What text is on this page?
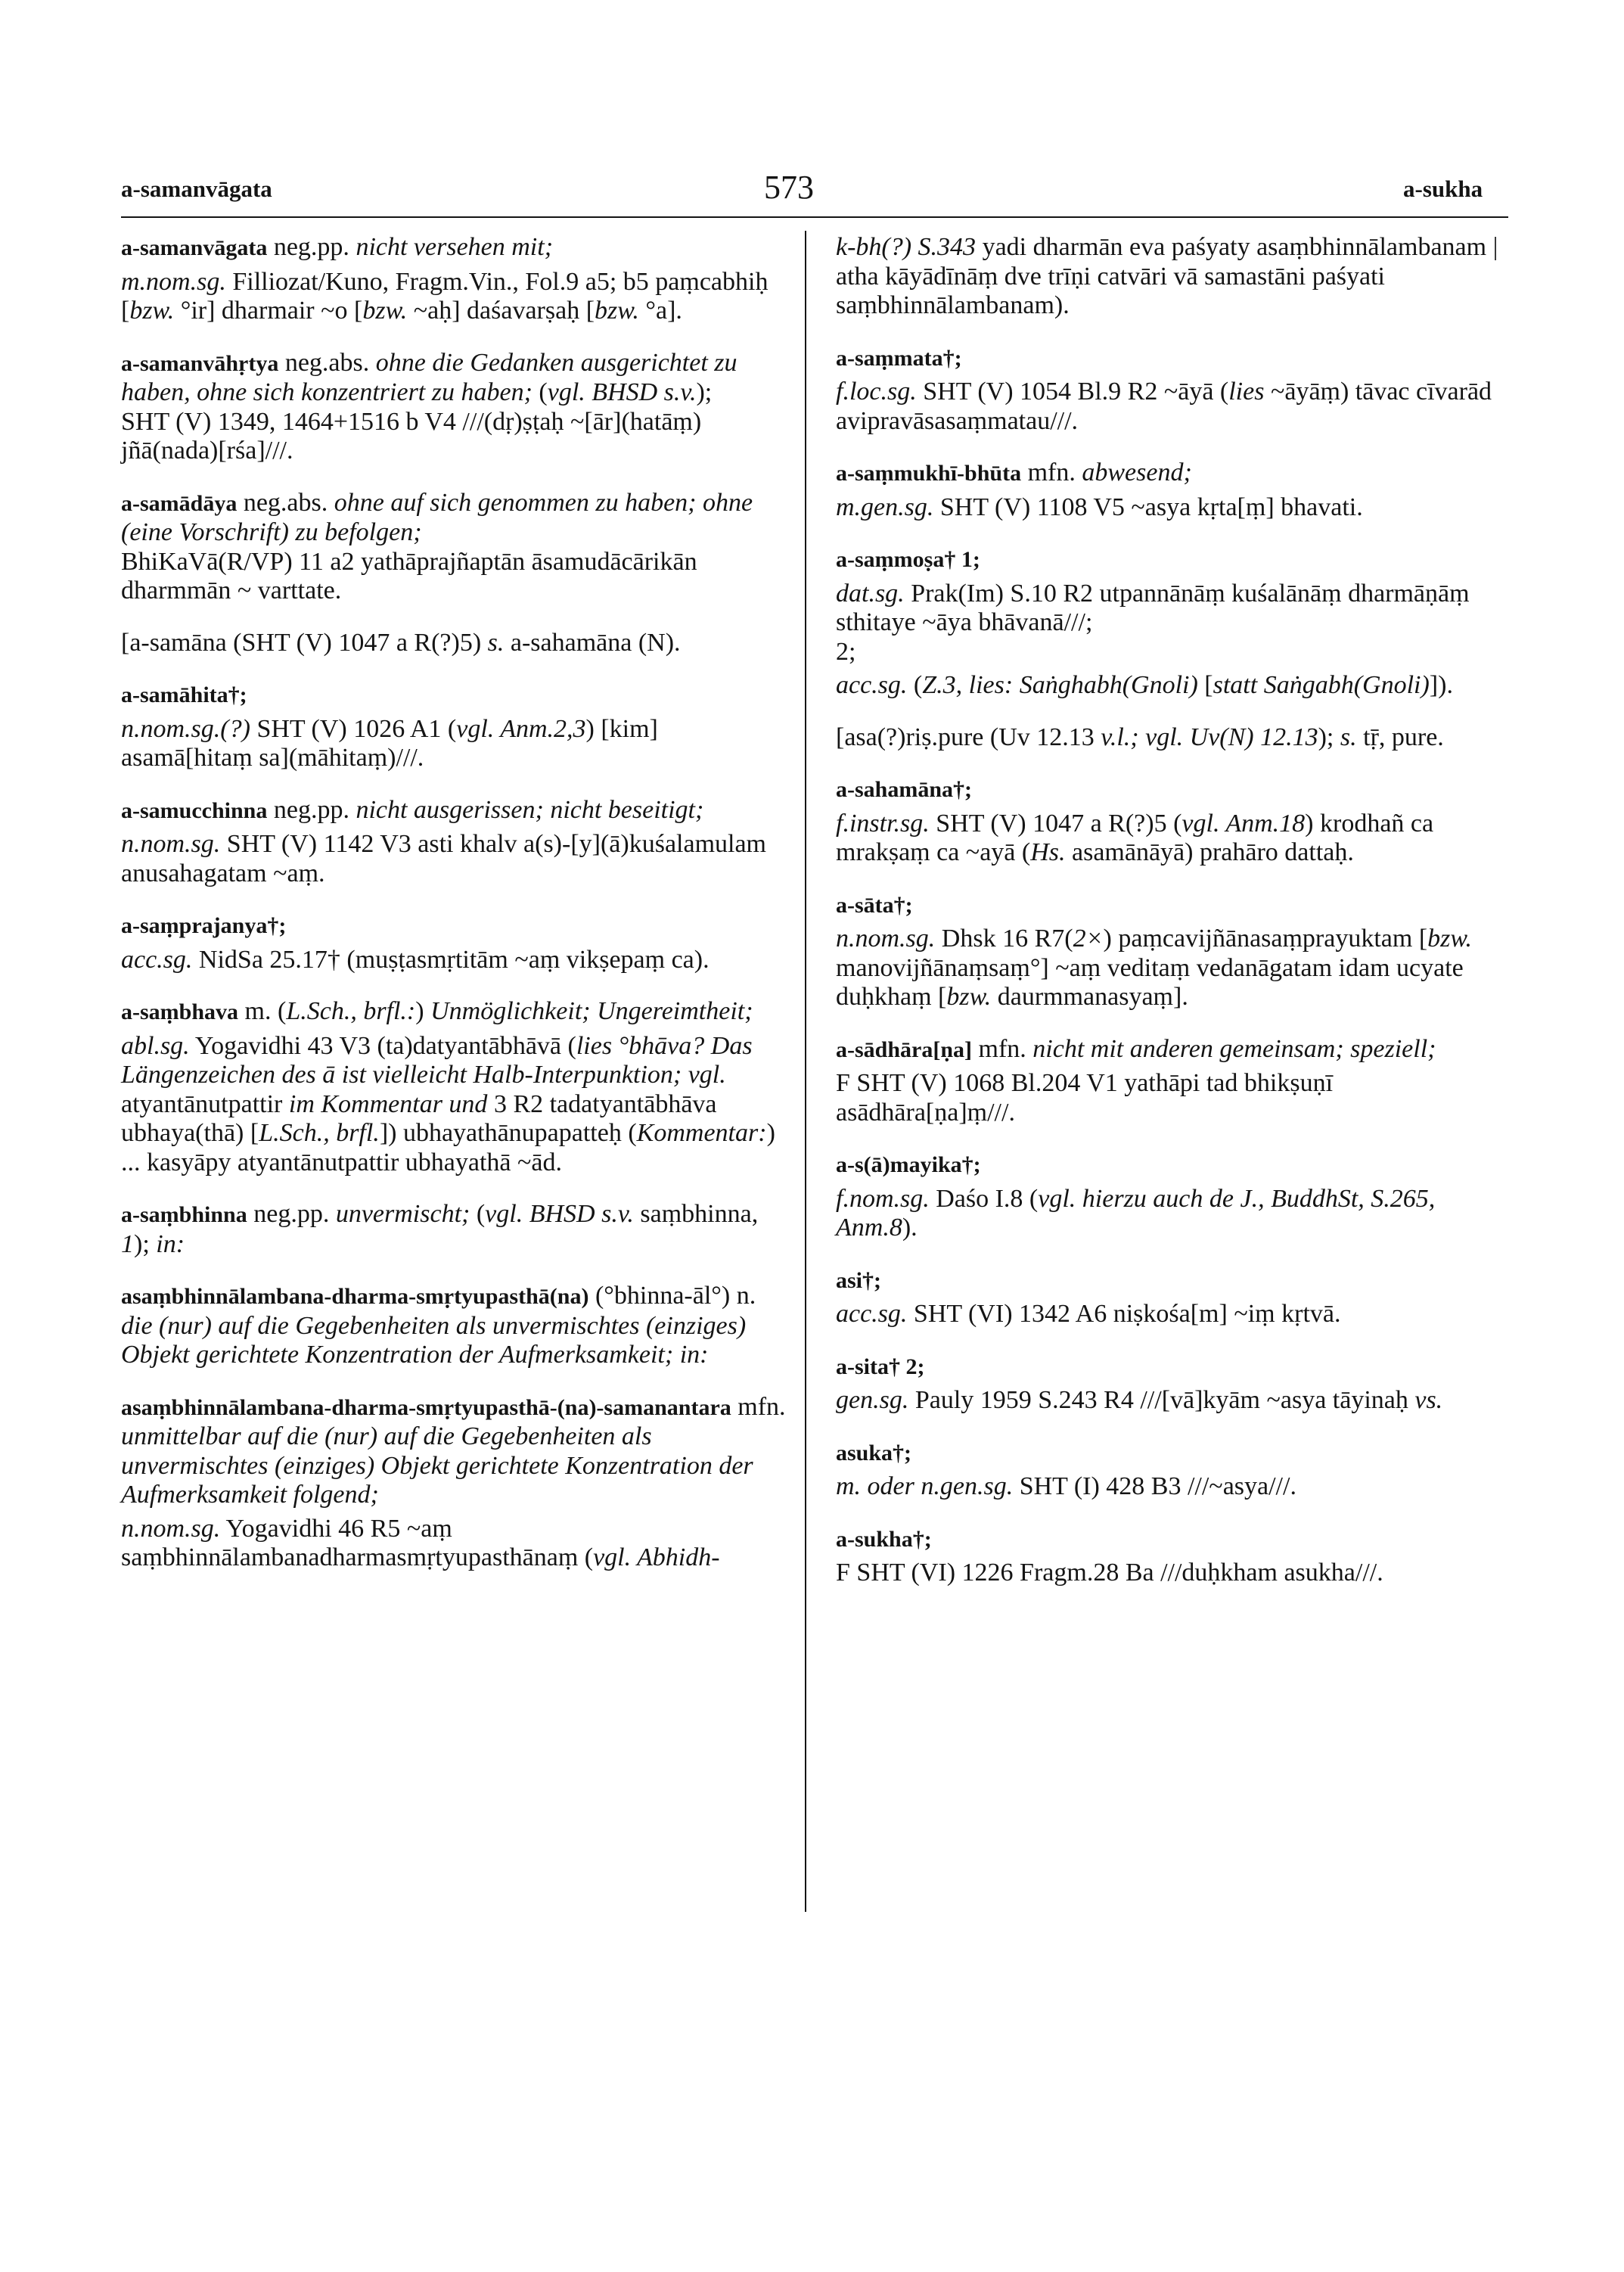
a-samanvāgata	573	a-sukha

a-samanvāgata neg.pp. nicht versehen mit;

m.nom.sg. Filliozat/Kuno, Fragm.Vin., Fol.9 a5; b5 paṃcabhiḥ [bzw. °ir] dharmair ~o [bzw. ~aḥ] daśavarṣaḥ [bzw. °a].

a-samanvāhṛtya neg.abs. ohne die Gedanken ausgerichtet zu haben, ohne sich konzentriert zu haben; (vgl. BHSD s.v.);

SHT (V) 1349, 1464+1516 b V4 ///(dṛ)ṣṭaḥ ~[ār](hatāṃ) jñā(nada)[rśa]///.

a-samādāya neg.abs. ohne auf sich genommen zu haben; ohne (eine Vorschrift) zu befolgen;

BhiKaVā(R/VP) 11 a2 yathāprajñaptān āsamudācārikān dharmmān ~ varttate.

[a-samāna (SHT (V) 1047 a R(?)5) s. a-sahamāna (N).

a-samāhita†;

n.nom.sg.(?) SHT (V) 1026 A1 (vgl. Anm.2,3) [kim] asamā[hitaṃ sa](māhitaṃ)///.

a-samucchinna neg.pp. nicht ausgerissen; nicht beseitigt;

n.nom.sg. SHT (V) 1142 V3 asti khalv a(s)-[y](ā)kuśalamulam anusahagatam ~aṃ.

a-saṃprajanya†;

acc.sg. NidSa 25.17† (muṣṭasmṛtitām ~aṃ vikṣepaṃ ca).

a-saṃbhava m. (L.Sch., brfl.:) Unmöglichkeit; Ungereimtheit;

abl.sg. Yogavidhi 43 V3 (ta)datyantābhāvā (lies °bhāva? Das Längenzeichen des ā ist vielleicht Halb-Interpunktion; vgl. atyantānutpattir im Kommentar und 3 R2 tadatyantābhāva ubhaya(thā) [L.Sch., brfl.]) ubhayathānupapatteḥ (Kommentar:) ... kasyāpy atyantānutpattir ubhayathā ~ād.

a-saṃbhinna neg.pp. unvermischt; (vgl. BHSD s.v. saṃbhinna, 1); in:

asaṃbhinnālambana-dharma-smṛtyupasthā(na) (°bhinna-āl°) n. die (nur) auf die Gegebenheiten als unvermischtes (einziges) Objekt gerichtete Konzentration der Aufmerksamkeit; in:

asaṃbhinnālambana-dharma-smṛtyupasthā-(na)-samanantara mfn. unmittelbar auf die (nur) auf die Gegebenheiten als unvermischtes (einziges) Objekt gerichtete Konzentration der Aufmerksamkeit folgend;

n.nom.sg. Yogavidhi 46 R5 ~aṃ saṃbhinnālambanadharmasmṛtyupasthānaṃ (vgl. Abhidh-

k-bh(?) S.343 yadi dharmān eva paśyaty asaṃbhinnālambanam | atha kāyādīnāṃ dve trīṇi catvāri vā samastāni paśyati saṃbhinnālambanam).

a-saṃmata†;

f.loc.sg. SHT (V) 1054 Bl.9 R2 ~āyā (lies ~āyāṃ) tāvac cīvarād avipravāsasaṃmatau///.

a-saṃmukhī-bhūta mfn. abwesend;

m.gen.sg. SHT (V) 1108 V5 ~asya kṛta[ṃ] bhavati.

a-saṃmoṣa† 1;

dat.sg. Prak(Im) S.10 R2 utpannānāṃ kuśalānāṃ dharmāṇāṃ sthitaye ~āya bhāvanā///;

2;

acc.sg. (Z.3, lies: Saṅghabh(Gnoli) [statt Saṅgabh(Gnoli)]).

[asa(?)riṣ.pure (Uv 12.13 v.l.; vgl. Uv(N) 12.13); s. tṝ, pure.

a-sahamāna†;

f.instr.sg. SHT (V) 1047 a R(?)5 (vgl. Anm.18) krodhañ ca mrakṣaṃ ca ~ayā (Hs. asamānāyā) prahāro dattaḥ.

a-sāta†;

n.nom.sg. Dhsk 16 R7(2×) paṃcavijñānasaṃprayuktam [bzw. manovijñānaṃsaṃ°] ~aṃ veditaṃ vedanāgatam idam ucyate duḥkhaṃ [bzw. daurmmanasyaṃ].

a-sādhāra[ṇa] mfn. nicht mit anderen gemeinsam; speziell;

F SHT (V) 1068 Bl.204 V1 yathāpi tad bhikṣuṇī asādhāra[ṇa]ṃ///.

a-s(ā)mayika†;

f.nom.sg. Daśo I.8 (vgl. hierzu auch de J., BuddhSt, S.265, Anm.8).

asi†;

acc.sg. SHT (VI) 1342 A6 niṣkośa[m] ~iṃ kṛtvā.

a-sita† 2;

gen.sg. Pauly 1959 S.243 R4 ///[vā]kyām ~asya tāyinaḥ vs.

asuka†;

m. oder n.gen.sg. SHT (I) 428 B3 ///~asya///.

a-sukha†;

F SHT (VI) 1226 Fragm.28 Ba ///duḥkham asukha///.
